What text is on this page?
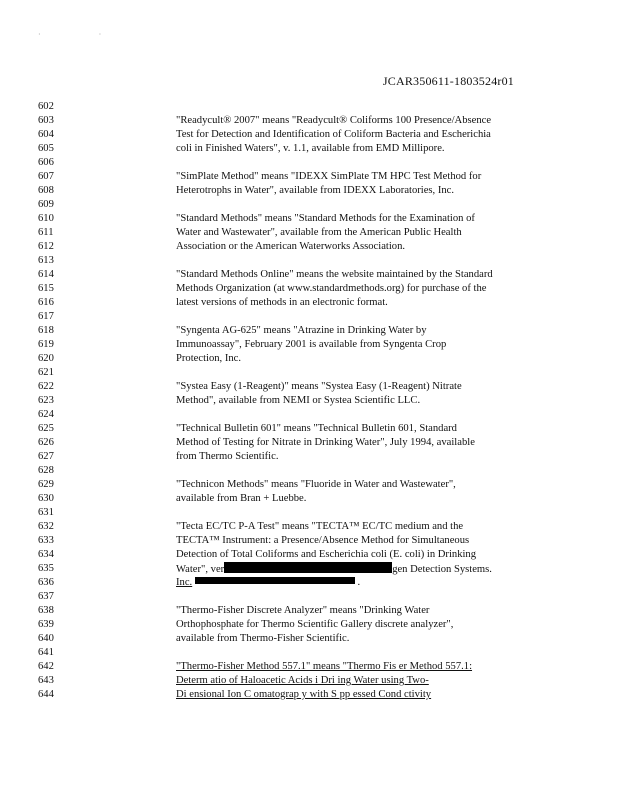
· ·
JCAR350611-1803524r01
602
603	"Readycult® 2007" means "Readycult® Coliforms 100 Presence/Absence
604	Test for Detection and Identification of Coliform Bacteria and Escherichia
605	coli in Finished Waters", v. 1.1, available from EMD Millipore.
606
607	"SimPlate Method" means "IDEXX SimPlate TM HPC Test Method for
608	Heterotrophs in Water", available from IDEXX Laboratories, Inc.
609
610	"Standard Methods" means "Standard Methods for the Examination of
611	Water and Wastewater", available from the American Public Health
612	Association or the American Waterworks Association.
613
614	"Standard Methods Online" means the website maintained by the Standard
615	Methods Organization (at www.standardmethods.org) for purchase of the
616	latest versions of methods in an electronic format.
617
618	"Syngenta AG-625" means "Atrazine in Drinking Water by
619	Immunoassay", February 2001 is available from Syngenta Crop
620	Protection, Inc.
621
622	"Systea Easy (1-Reagent)" means "Systea Easy (1-Reagent) Nitrate
623	Method", available from NEMI or Systea Scientific LLC.
624
625	"Technical Bulletin 601" means "Technical Bulletin 601, Standard
626	Method of Testing for Nitrate in Drinking Water", July 1994, available
627	from Thermo Scientific.
628
629	"Technicon Methods" means "Fluoride in Water and Wastewater",
630	available from Bran + Luebbe.
631
632	"Tecta EC/TC P-A Test" means "TECTA™ EC/TC medium and the
633	TECTA™ Instrument: a Presence/Absence Method for Simultaneous
634	Detection of Total Coliforms and Escherichia coli (E. coli) in Drinking
635	Water", ver	gen Detection Systems.
636	Inc.	.
637
638	"Thermo-Fisher Discrete Analyzer" means "Drinking Water
639	Orthophosphate for Thermo Scientific Gallery discrete analyzer",
640	available from Thermo-Fisher Scientific.
641
642	"Thermo-Fisher Method 557.1" means "Thermo Fis er Method 557.1:
643	Determ atio of Haloacetic Acids i Dri ing Water using Two-
644	Di ensional Ion C omatograp y with S pp essed Cond ctivity
